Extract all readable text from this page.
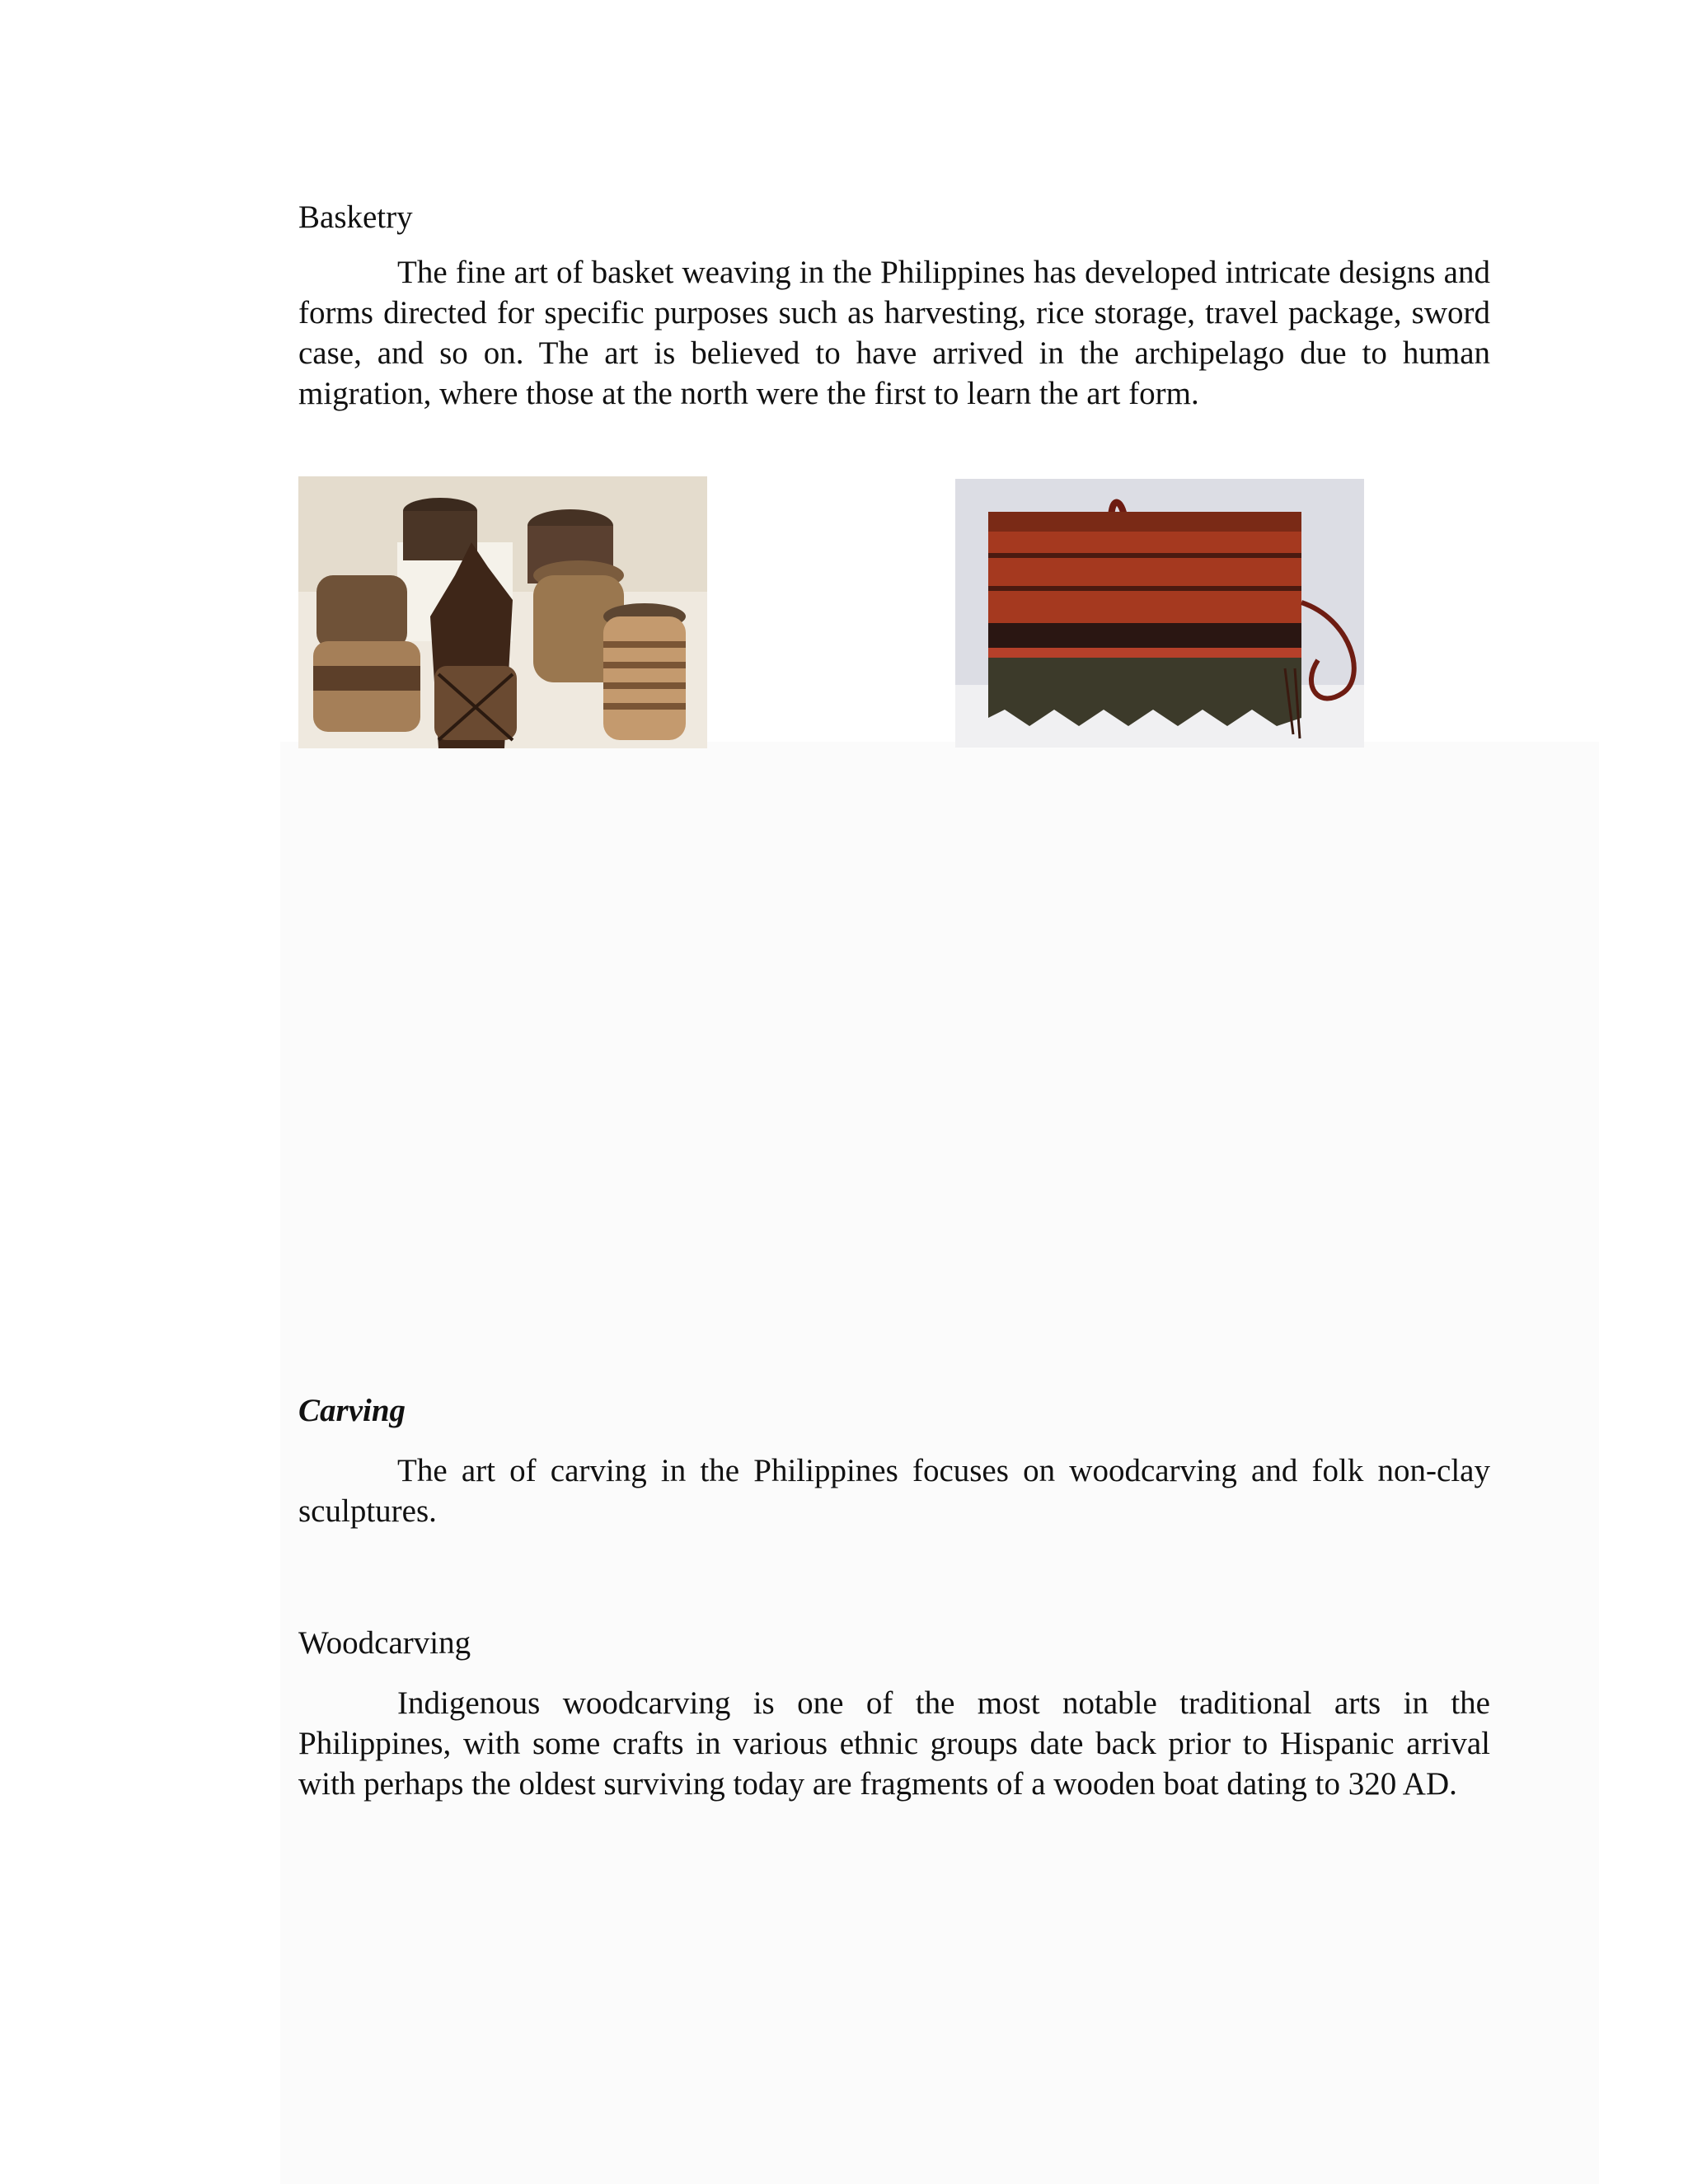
Basketry

The fine art of basket weaving in the Philippines has developed intricate designs and forms directed for specific purposes such as harvesting, rice storage, travel package, sword case, and so on. The art is believed to have arrived in the archipelago due to human migration, where those at the north were the first to learn the art form.

Carving

The art of carving in the Philippines focuses on woodcarving and folk non-clay sculptures.

Woodcarving

Indigenous woodcarving is one of the most notable traditional arts in the Philippines, with some crafts in various ethnic groups date back prior to Hispanic arrival with perhaps the oldest surviving today are fragments of a wooden boat dating to 320 AD.
